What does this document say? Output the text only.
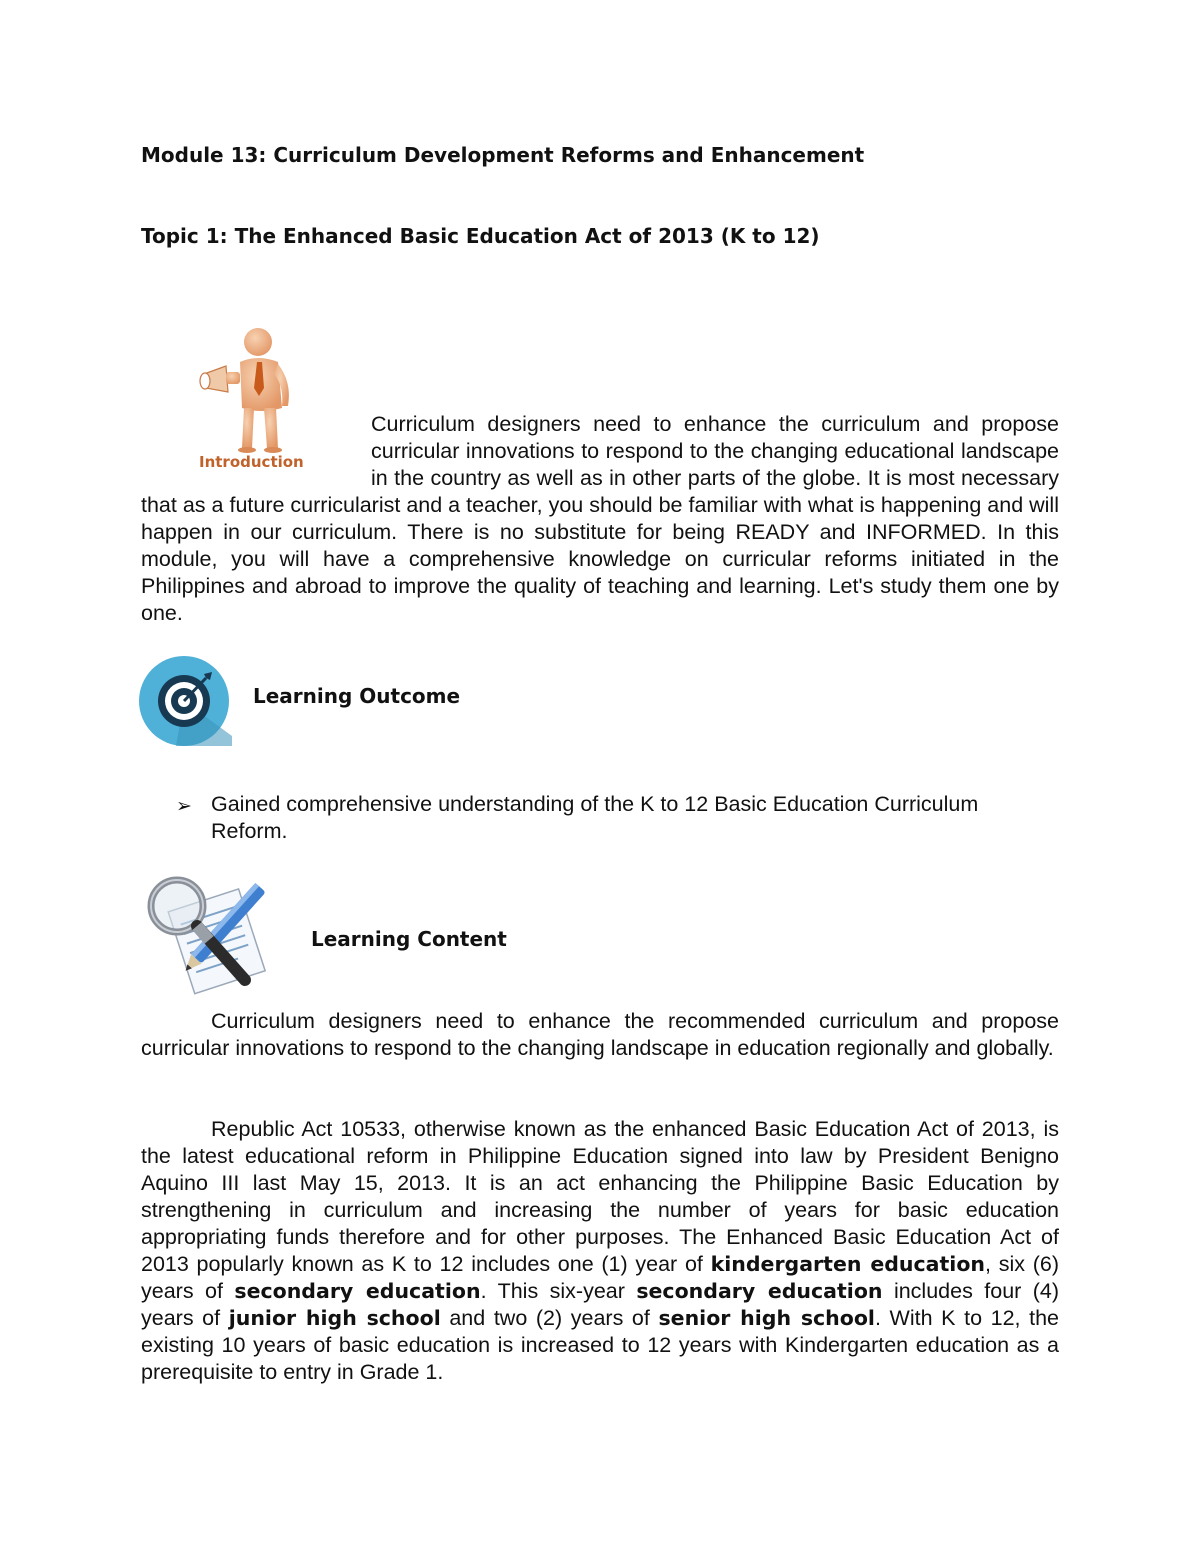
Module 13: Curriculum Development Reforms and Enhancement
Topic 1: The Enhanced Basic Education Act of 2013 (K to 12)
Introduction
Curriculum designers need to enhance the curriculum and propose curricular innovations to respond to the changing educational landscape in the country as well as in other parts of the globe. It is most necessary that as a future curricularist and a teacher, you should be familiar with what is happening and will happen in our curriculum. There is no substitute for being READY and INFORMED. In this module, you will have a comprehensive knowledge on curricular reforms initiated in the Philippines and abroad to improve the quality of teaching and learning. Let's study them one by one.
Learning Outcome
➢ Gained comprehensive understanding of the K to 12 Basic Education Curriculum Reform.

Learning Content

Curriculum designers need to enhance the recommended curriculum and propose curricular innovations to respond to the changing landscape in education regionally and globally.

Republic Act 10533, otherwise known as the enhanced Basic Education Act of 2013, is the latest educational reform in Philippine Education signed into law by President Benigno Aquino III last May 15, 2013. It is an act enhancing the Philippine Basic Education by strengthening in curriculum and increasing the number of years for basic education appropriating funds therefore and for other purposes. The Enhanced Basic Education Act of 2013 popularly known as K to 12 includes one (1) year of kindergarten education, six (6) years of secondary education. This six-year secondary education includes four (4) years of junior high school and two (2) years of senior high school. With K to 12, the existing 10 years of basic education is increased to 12 years with Kindergarten education as a prerequisite to entry in Grade 1.
